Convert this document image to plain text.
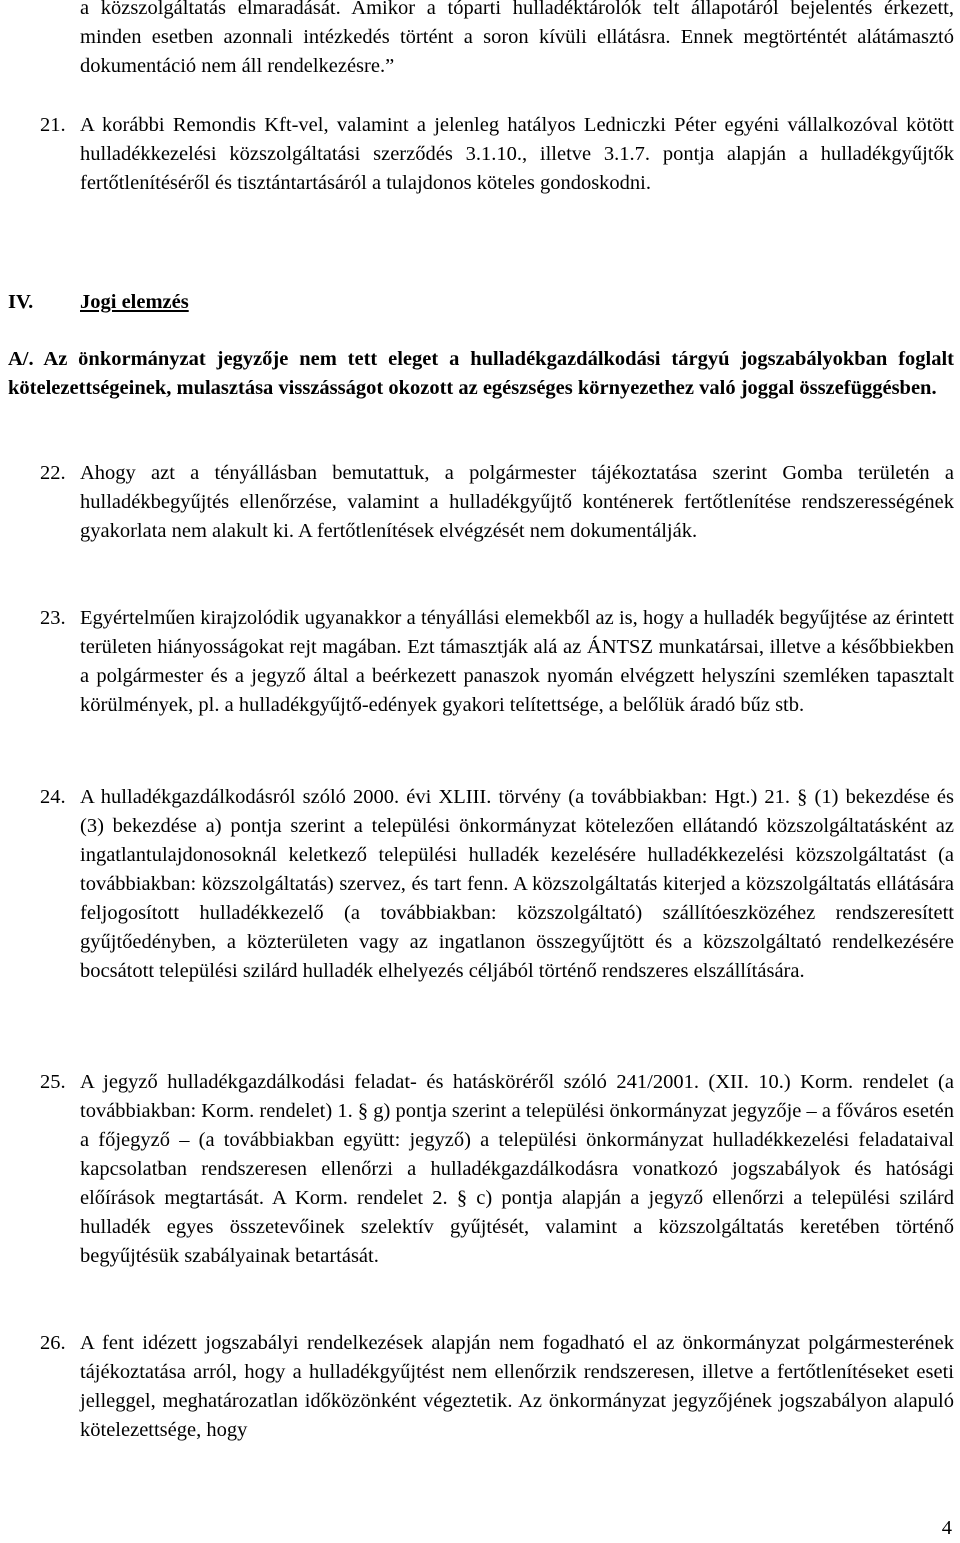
a közszolgáltatás elmaradását. Amikor a tóparti hulladéktárolók telt állapotáról bejelentés érkezett, minden esetben azonnali intézkedés történt a soron kívüli ellátásra. Ennek megtörténtét alátámasztó dokumentáció nem áll rendelkezésre.”
21. A korábbi Remondis Kft-vel, valamint a jelenleg hatályos Ledniczki Péter egyéni vállalkozóval kötött hulladékkezelési közszolgáltatási szerződés 3.1.10., illetve 3.1.7. pontja alapján a hulladékgyűjtők fertőtlenítéséről és tisztántartásáról a tulajdonos köteles gondoskodni.
IV. Jogi elemzés
A/. Az önkormányzat jegyzője nem tett eleget a hulladékgazdálkodási tárgyú jogszabályokban foglalt kötelezettségeinek, mulasztása visszásságot okozott az egészséges környezethez való joggal összefüggésben.
22. Ahogy azt a tényállásban bemutattuk, a polgármester tájékoztatása szerint Gomba területén a hulladékbegyűjtés ellenőrzése, valamint a hulladékgyűjtő konténerek fertőtlenítése rendszerességének gyakorlata nem alakult ki. A fertőtlenítések elvégzését nem dokumentálják.
23. Egyértelműen kirajzolódik ugyanakkor a tényállási elemekből az is, hogy a hulladék begyűjtése az érintett területen hiányosságokat rejt magában. Ezt támasztják alá az ÁNTSZ munkatársai, illetve a későbbiekben a polgármester és a jegyző által a beérkezett panaszok nyomán elvégzett helyszíni szemléken tapasztalt körülmények, pl. a hulladékgyűjtő-edények gyakori telítettsége, a belőlük áradó bűz stb.
24. A hulladékgazdálkodásról szóló 2000. évi XLIII. törvény (a továbbiakban: Hgt.) 21. § (1) bekezdése és (3) bekezdése a) pontja szerint a települési önkormányzat kötelezően ellátandó közszolgáltatásként az ingatlantulajdonosoknál keletkező települési hulladék kezelésére hulladékkezelési közszolgáltatást (a továbbiakban: közszolgáltatás) szervez, és tart fenn. A közszolgáltatás kiterjed a közszolgáltatás ellátására feljogosított hulladékkezelő (a továbbiakban: közszolgáltató) szállítóeszközéhez rendszeresített gyűjtőedényben, a közterületen vagy az ingatlanon összegyűjtött és a közszolgáltató rendelkezésére bocsátott települési szilárd hulladék elhelyezés céljából történő rendszeres elszállítására.
25. A jegyző hulladékgazdálkodási feladat- és hatásköréről szóló 241/2001. (XII. 10.) Korm. rendelet (a továbbiakban: Korm. rendelet) 1. § g) pontja szerint a települési önkormányzat jegyzője – a főváros esetén a főjegyző – (a továbbiakban együtt: jegyző) a települési önkormányzat hulladékkezelési feladataival kapcsolatban rendszeresen ellenőrzi a hulladékgazdálkodásra vonatkozó jogszabályok és hatósági előírások megtartását. A Korm. rendelet 2. § c) pontja alapján a jegyző ellenőrzi a települési szilárd hulladék egyes összetevőinek szelektív gyűjtését, valamint a közszolgáltatás keretében történő begyűjtésük szabályainak betartását.
26. A fent idézett jogszabályi rendelkezések alapján nem fogadható el az önkormányzat polgármesterének tájékoztatása arról, hogy a hulladékgyűjtést nem ellenőrzik rendszeresen, illetve a fertőtlenítéseket eseti jelleggel, meghatározatlan időközönként végeztetik. Az önkormányzat jegyzőjének jogszabályon alapuló kötelezettsége, hogy
4
